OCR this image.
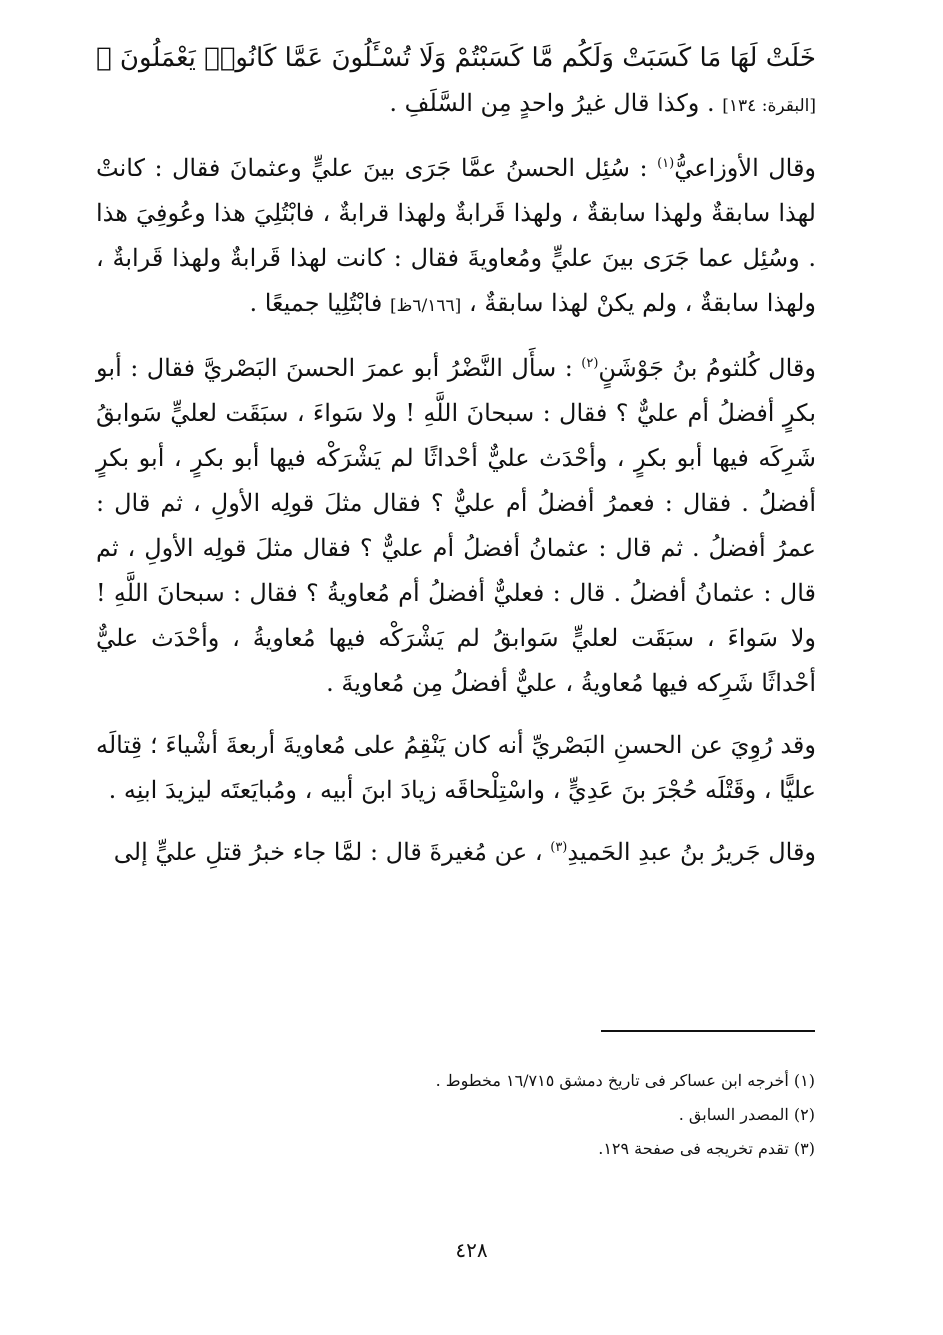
خَلَتْ لَهَا مَا كَسَبَتْ وَلَكُم مَّا كَسَبْتُمْ وَلَا تُسْـَٔلُونَ عَمَّا كَانُوا۟ يَعْمَلُونَ ﴾ [البقرة: ١٣٤] . وكذا قال غيرُ واحدٍ مِن السَّلَفِ .

وقال الأوزاعيُّ$^{(١)}$ : سُئِل الحسنُ عمَّا جَرَى بينَ عليٍّ وعثمانَ فقال : كانتْ لهذا سابقةٌ ولهذا سابقةٌ ، ولهذا قَرابةٌ ولهذا قرابةٌ ، فابْتُلِيَ هذا وعُوفِيَ هذا . وسُئِل عما جَرَى بينَ عليٍّ ومُعاويةَ فقال : كانت لهذا قَرابةٌ ولهذا قَرابةٌ ، ولهذا سابقةٌ ، ولم يكنْ لهذا سابقةٌ ، [٦/١٦٦ظ] فابْتُلِيا جميعًا .

وقال كُلثومُ بنُ جَوْشَنٍ$^{(٢)}$ : سأَل النَّضْرُ أبو عمرَ الحسنَ البَصْريَّ فقال : أبو بكرٍ أفضلُ أم عليٌّ ؟ فقال : سبحانَ اللَّهِ ! ولا سَواءَ ، سبَقَت لعليٍّ سَوابقُ شَرِكَه فيها أبو بكرٍ ، وأحْدَث عليٌّ أحْداثًا لم يَشْرَكْه فيها أبو بكرٍ ، أبو بكرٍ أفضلُ . فقال : فعمرُ أفضلُ أم عليٌّ ؟ فقال مثلَ قولِه الأولِ ، ثم قال : عمرُ أفضلُ . ثم قال : عثمانُ أفضلُ أم عليٌّ ؟ فقال مثلَ قولِه الأولِ ، ثم قال : عثمانُ أفضلُ . قال : فعليٌّ أفضلُ أم مُعاويةُ ؟ فقال : سبحانَ اللَّهِ ! ولا سَواءَ ، سبَقَت لعليٍّ سَوابقُ لم يَشْرَكْه فيها مُعاويةُ ، وأحْدَث عليٌّ أحْداثًا شَرِكه فيها مُعاويةُ ، عليٌّ أفضلُ مِن مُعاويةَ .

وقد رُوِيَ عن الحسنِ البَصْريِّ أنه كان يَنْقِمُ على مُعاويةَ أربعةَ أشْياءَ ؛ قِتالَه عليًّا ، وقَتْلَه حُجْرَ بنَ عَدِيٍّ ، واسْتِلْحاقَه زيادَ ابنَ أبيه ، ومُبايَعتَه ليزيدَ ابنِه .

وقال جَريرُ بنُ عبدِ الحَميدِ$^{(٣)}$ ، عن مُغيرةَ قال : لمَّا جاء خبرُ قتلِ عليٍّ إلى

(١) أخرجه ابن عساكر فى تاريخ دمشق ١٦/٧١٥ مخطوط .
(٢) المصدر السابق .
(٣) تقدم تخريجه فى صفحة ١٢٩.
٤٢٨
